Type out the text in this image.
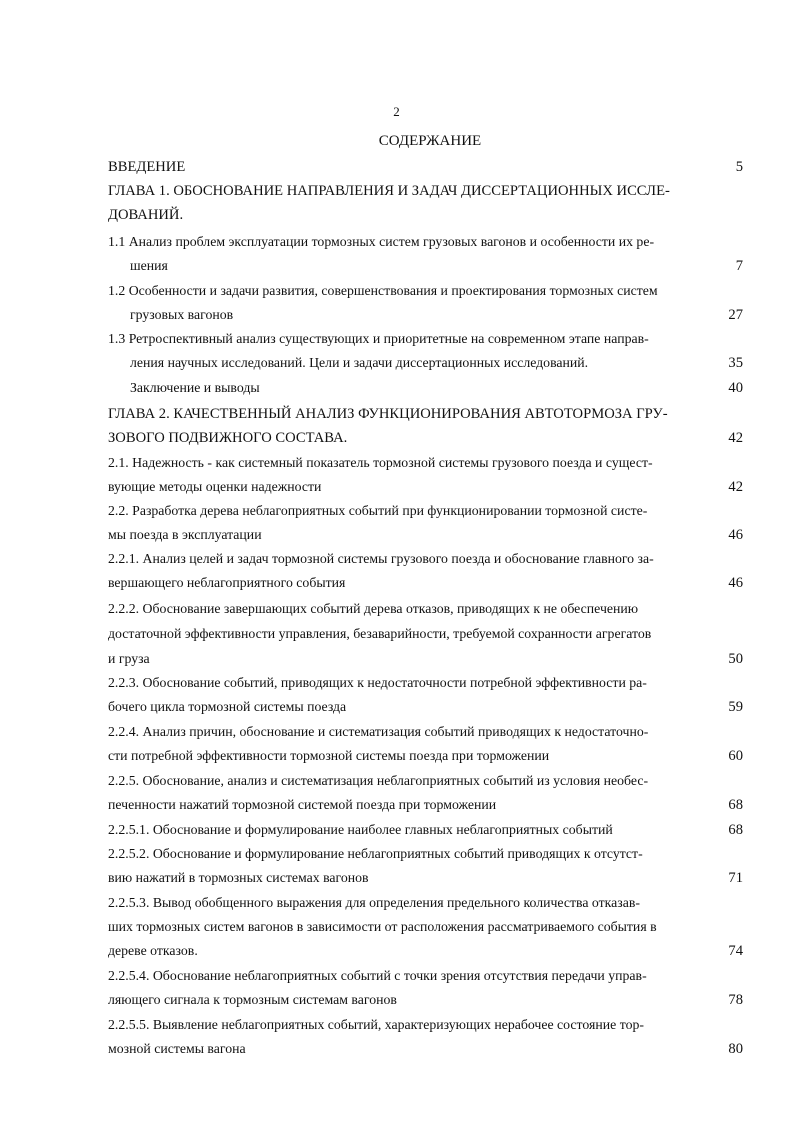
2
СОДЕРЖАНИЕ
ВВЕДЕНИЕ	5
ГЛАВА 1. ОБОСНОВАНИЕ НАПРАВЛЕНИЯ И ЗАДАЧ ДИССЕРТАЦИОННЫХ ИССЛЕ-
ДОВАНИЙ.
1.1 Анализ проблем эксплуатации тормозных систем грузовых вагонов и особенности их ре-
шения	7
1.2 Особенности и задачи развития, совершенствования и проектирования тормозных систем
грузовых вагонов	27
1.3 Ретроспективный анализ существующих и приоритетные на современном этапе направ-
ления научных исследований. Цели и задачи диссертационных исследований.	35
Заключение и выводы	40
ГЛАВА 2. КАЧЕСТВЕННЫЙ АНАЛИЗ ФУНКЦИОНИРОВАНИЯ АВТОТОРМОЗА ГРУ-
ЗОВОГО ПОДВИЖНОГО СОСТАВА.	42
2.1. Надежность - как системный показатель тормозной системы грузового поезда и сущест-
вующие методы оценки надежности	42
2.2. Разработка дерева неблагоприятных событий при функционировании тормозной систе-
мы поезда в эксплуатации	46
2.2.1. Анализ целей и задач тормозной системы грузового поезда и обоснование главного за-
вершающего неблагоприятного события	46
2.2.2. Обоснование завершающих событий дерева отказов, приводящих к не обеспечению
достаточной эффективности управления, безаварийности, требуемой сохранности агрегатов
и груза	50
2.2.3. Обоснование событий, приводящих к недостаточности потребной эффективности ра-
бочего цикла тормозной системы поезда	59
2.2.4. Анализ причин, обоснование и систематизация событий приводящих к недостаточно-
сти потребной эффективности тормозной системы поезда при торможении	60
2.2.5. Обоснование, анализ и систематизация неблагоприятных событий из условия необес-
печенности нажатий тормозной системой поезда при торможении	68
2.2.5.1. Обоснование и формулирование наиболее главных неблагоприятных событий	68
2.2.5.2. Обоснование и формулирование неблагоприятных событий приводящих к отсутст-
вию нажатий в тормозных системах вагонов	71
2.2.5.3. Вывод обобщенного выражения для определения предельного количества отказав-
ших тормозных систем вагонов в зависимости от расположения рассматриваемого события в
дереве отказов.	74
2.2.5.4. Обоснование неблагоприятных событий с точки зрения отсутствия передачи управ-
ляющего сигнала к тормозным системам вагонов	78
2.2.5.5. Выявление неблагоприятных событий, характеризующих нерабочее состояние тор-
мозной системы вагона	80
